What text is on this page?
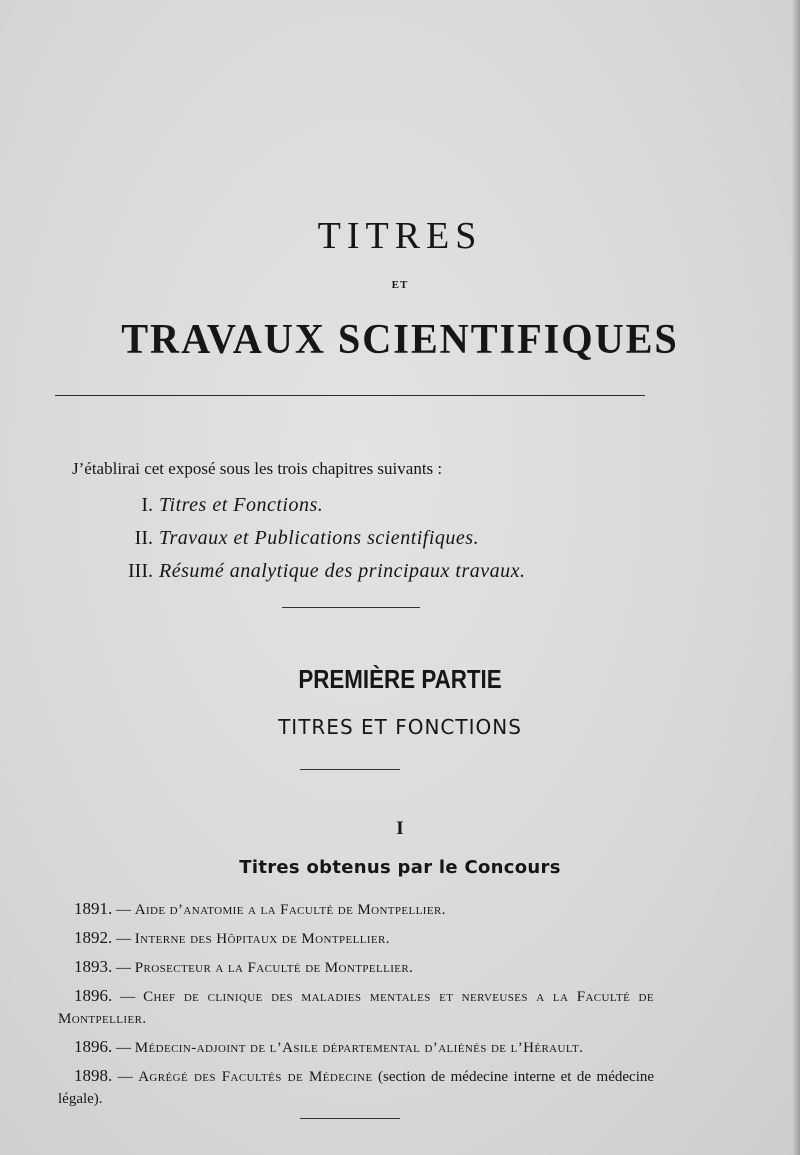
TITRES
ET
TRAVAUX SCIENTIFIQUES
J’établirai cet exposé sous les trois chapitres suivants :
I. Titres et Fonctions.
II. Travaux et Publications scientifiques.
III. Résumé analytique des principaux travaux.
PREMIÈRE PARTIE
TITRES ET FONCTIONS
I
Titres obtenus par le Concours
1891. — Aide d’anatomie a la Faculté de Montpellier.
1892. — Interne des Hôpitaux de Montpellier.
1893. — Prosecteur a la Faculté de Montpellier.
1896. — Chef de clinique des maladies mentales et nerveuses a la Faculté de Montpellier.
1896. — Médecin-adjoint de l’Asile départemental d’aliénés de l’Hérault.
1898. — Agrégé des Facultés de Médecine (section de médecine interne et de médecine légale).
